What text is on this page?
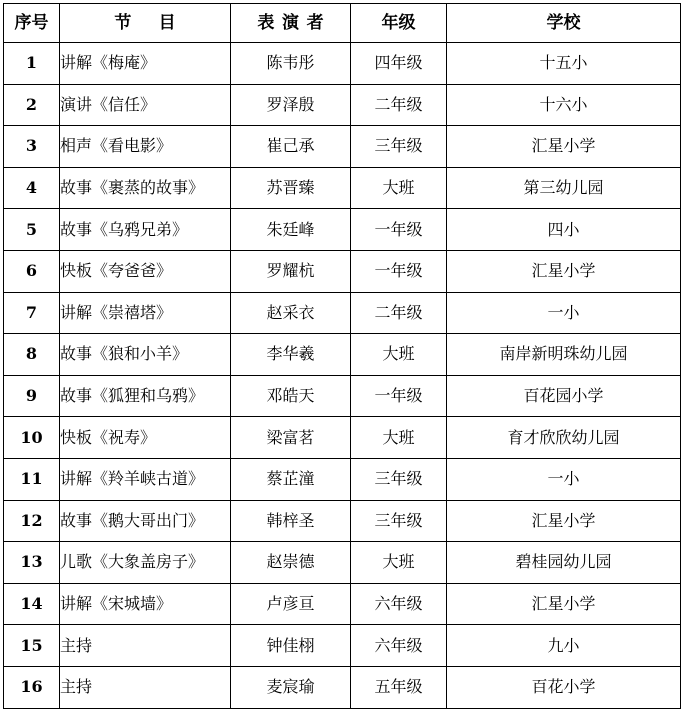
序号	节目	表演者	年级	学校
1	讲解《梅庵》	陈韦彤	四年级	十五小
2	演讲《信任》	罗泽殷	二年级	十六小
3	相声《看电影》	崔己承	三年级	汇星小学
4	故事《裹蒸的故事》	苏晋臻	大班	第三幼儿园
5	故事《乌鸦兄弟》	朱廷峰	一年级	四小
6	快板《夸爸爸》	罗耀杭	一年级	汇星小学
7	讲解《崇禧塔》	赵采衣	二年级	一小
8	故事《狼和小羊》	李华羲	大班	南岸新明珠幼儿园
9	故事《狐狸和乌鸦》	邓皓天	一年级	百花园小学
10	快板《祝寿》	梁富茗	大班	育才欣欣幼儿园
11	讲解《羚羊峡古道》	蔡芷潼	三年级	一小
12	故事《鹅大哥出门》	韩梓圣	三年级	汇星小学
13	儿歌《大象盖房子》	赵崇德	大班	碧桂园幼儿园
14	讲解《宋城墙》	卢彦亘	六年级	汇星小学
15	主持	钟佳栩	六年级	九小
16	主持	麦宸瑜	五年级	百花小学
